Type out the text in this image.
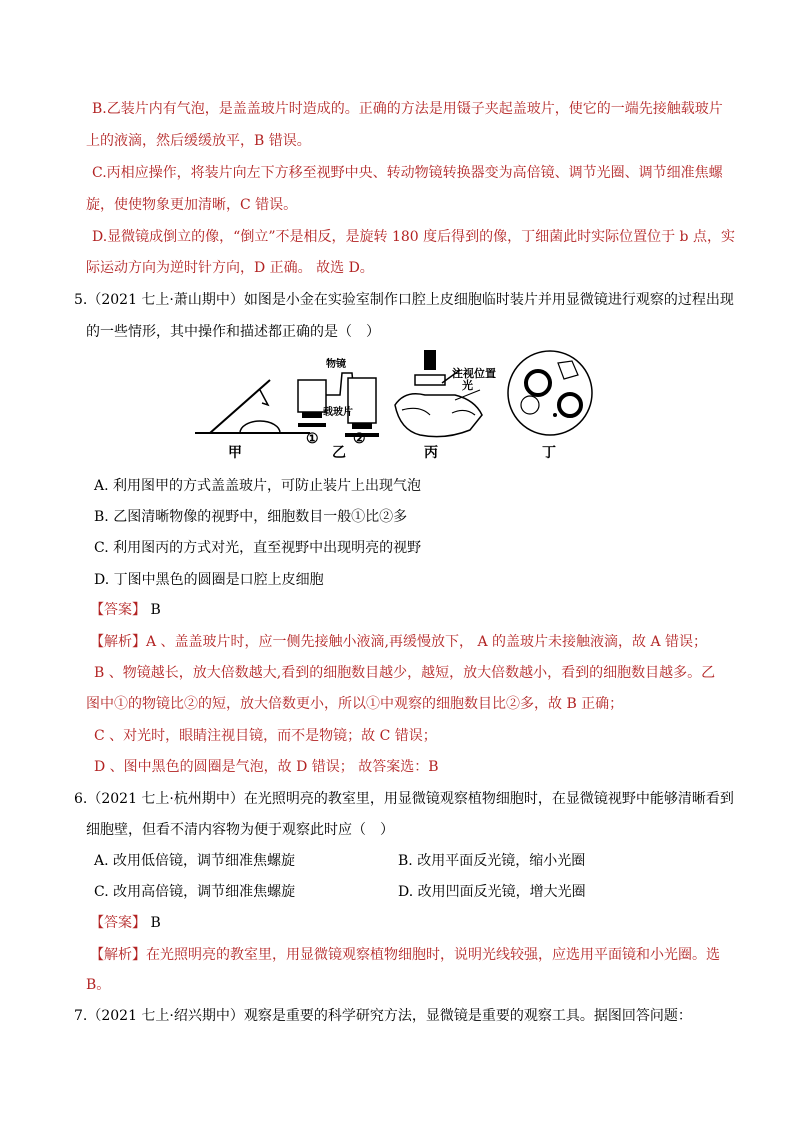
B.乙装片内有气泡，是盖盖玻片时造成的。正确的方法是用镊子夹起盖玻片，使它的一端先接触载玻片
上的液滴，然后缓缓放平，B 错误。
C.丙相应操作，将装片向左下方移至视野中央、转动物镜转换器变为高倍镜、调节光圈、调节细准焦螺
旋，使使物象更加清晰，C 错误。
D.显微镜成倒立的像，“倒立”不是相反，是旋转 180 度后得到的像，丁细菌此时实际位置位于 b 点，实
际运动方向为逆时针方向，D 正确。 故选 D。
5.（2021 七上·萧山期中）如图是小金在实验室制作口腔上皮细胞临时装片并用显微镜进行观察的过程出现
的一些情形，其中操作和描述都正确的是（　）
甲	乙	丙	丁
物镜
载玻片
① ②
注视位置
光
A. 利用图甲的方式盖盖玻片，可防止装片上出现气泡
B. 乙图清晰物像的视野中，细胞数目一般①比②多
C. 利用图丙的方式对光，直至视野中出现明亮的视野
D. 丁图中黑色的圆圈是口腔上皮细胞
【答案】 B
【解析】A 、盖盖玻片时，应一侧先接触小液滴,再缓慢放下， A 的盖玻片未接触液滴，故 A 错误；
B 、物镜越长，放大倍数越大,看到的细胞数目越少，越短，放大倍数越小，看到的细胞数目越多。乙
图中①的物镜比②的短，放大倍数更小，所以①中观察的细胞数目比②多，故 B 正确；
C 、对光时，眼睛注视目镜，而不是物镜；故 C 错误；
D 、图中黑色的圆圈是气泡，故 D 错误； 故答案选：B
6.（2021 七上·杭州期中）在光照明亮的教室里，用显微镜观察植物细胞时，在显微镜视野中能够清晰看到
细胞壁，但看不清内容物为便于观察此时应（　）
A. 改用低倍镜，调节细准焦螺旋	B. 改用平面反光镜，缩小光圈
C. 改用高倍镜，调节细准焦螺旋	D. 改用凹面反光镜，增大光圈
【答案】 B
【解析】在光照明亮的教室里，用显微镜观察植物细胞时，说明光线较强，应选用平面镜和小光圈。选
B。
7.（2021 七上·绍兴期中）观察是重要的科学研究方法，显微镜是重要的观察工具。据图回答问题：
